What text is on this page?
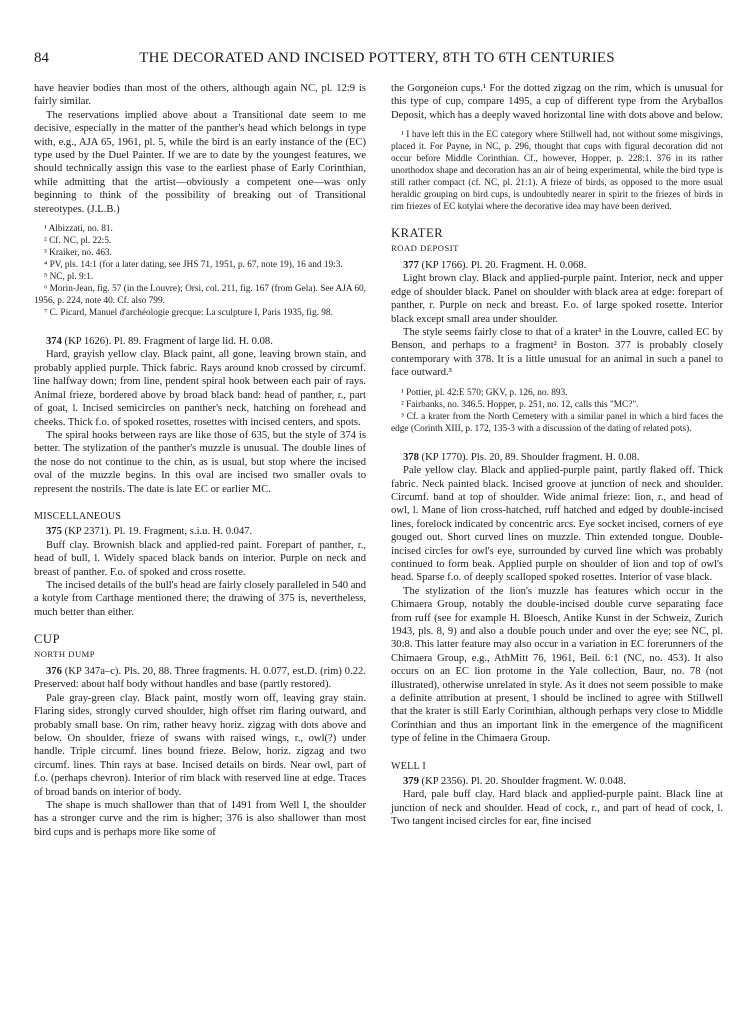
84	THE DECORATED AND INCISED POTTERY, 8TH TO 6TH CENTURIES

have heavier bodies than most of the others, although again NC, pl. 12:9 is fairly similar.

The reservations implied above about a Transitional date seem to me decisive, especially in the matter of the panther's head which belongs in type with, e.g., AJA 65, 1961, pl. 5, while the bird is an early instance of the (EC) type used by the Duel Painter. If we are to date by the youngest features, we should technically assign this vase to the earliest phase of Early Corinthian, while admitting that the artist—obviously a competent one—was only beginning to think of the possibility of breaking out of Transitional stereotypes. (J.L.B.)

¹ Albizzati, no. 81.

² Cf. NC, pl. 22:5.

³ Kraiker, no. 463.

⁴ PV, pls. 14:1 (for a later dating, see JHS 71, 1951, p. 67, note 19), 16 and 19:3.

⁵ NC, pl. 9:1.

⁶ Morin-Jean, fig. 57 (in the Louvre); Orsi, col. 211, fig. 167 (from Gela). See AJA 60, 1956, p. 224, note 40. Cf. also 799.

⁷ C. Picard, Manuel d'archéologie grecque: La sculpture I, Paris 1935, fig. 98.

374 (KP 1626). Pl. 89. Fragment of large lid. H. 0.08.

Hard, grayish yellow clay. Black paint, all gone, leaving brown stain, and probably applied purple. Thick fabric. Rays around knob crossed by circumf. line halfway down; from line, pendent spiral hook between each pair of rays. Animal frieze, bordered above by broad black band: head of panther, r., part of goat, l. Incised semicircles on panther's neck, hatching on forehead and cheeks. Thick f.o. of spoked rosettes, rosettes with incised centers, and spots.

The spiral hooks between rays are like those of 635, but the style of 374 is better. The stylization of the panther's muzzle is unusual. The double lines of the nose do not continue to the chin, as is usual, but stop where the incised oval of the muzzle begins. In this oval are incised two smaller ovals to represent the nostrils. The date is late EC or earlier MC.

MISCELLANEOUS

375 (KP 2371). Pl. 19. Fragment, s.i.u. H. 0.047.

Buff clay. Brownish black and applied-red paint. Forepart of panther, r., head of bull, l. Widely spaced black bands on interior. Purple on neck and breast of panther. F.o. of spoked and cross rosette.

The incised details of the bull's head are fairly closely paralleled in 540 and a kotyle from Carthage mentioned there; the drawing of 375 is, nevertheless, much better than either.

CUP
NORTH DUMP

376 (KP 347a–c). Pls. 20, 88. Three fragments. H. 0.077, est.D. (rim) 0.22. Preserved: about half body without handles and base (partly restored).

Pale gray-green clay. Black paint, mostly worn off, leaving gray stain. Flaring sides, strongly curved shoulder, high offset rim flaring outward, and probably small base. On rim, rather heavy horiz. zigzag with dots above and below. On shoulder, frieze of swans with raised wings, r., owl(?) under handle. Triple circumf. lines bound frieze. Below, horiz. zigzag and two circumf. lines. Thin rays at base. Incised details on birds. Near owl, part of f.o. (perhaps chevron). Interior of rim black with reserved line at edge. Traces of broad bands on interior of body.

The shape is much shallower than that of 1491 from Well I, the shoulder has a stronger curve and the rim is higher; 376 is also shallower than most bird cups and is perhaps more like some of

the Gorgoneion cups.¹ For the dotted zigzag on the rim, which is unusual for this type of cup, compare 1495, a cup of different type from the Aryballos Deposit, which has a deeply waved horizontal line with dots above and below.

¹ I have left this in the EC category where Stillwell had, not without some misgivings, placed it. For Payne, in NC, p. 296, thought that cups with figural decoration did not occur before Middle Corinthian. Cf., however, Hopper, p. 228:1. 376 in its rather unorthodox shape and decoration has an air of being experimental, while the bird type is still rather compact (cf. NC, pl. 21:1). A frieze of birds, as opposed to the more usual heraldic grouping on bird cups, is undoubtedly nearer in spirit to the friezes of birds in rim friezes of EC kotylai where the decorative idea may have been derived.

KRATER
ROAD DEPOSIT

377 (KP 1766). Pl. 20. Fragment. H. 0.068.

Light brown clay. Black and applied-purple paint. Interior, neck and upper edge of shoulder black. Panel on shoulder with black area at edge: forepart of panther, r. Purple on neck and breast. F.o. of large spoked rosette. Interior black except small area under shoulder.

The style seems fairly close to that of a krater¹ in the Louvre, called EC by Benson, and perhaps to a fragment² in Boston. 377 is probably closely contemporary with 378. It is a little unusual for an animal in such a panel to face outward.³

¹ Pottier, pl. 42:E 570; GKV, p. 126, no. 893.

² Fairbanks, no. 346.5. Hopper, p. 251, no. 12, calls this "MC?".

³ Cf. a krater from the North Cemetery with a similar panel in which a bird faces the edge (Corinth XIII, p. 172, 135-3 with a discussion of the dating of related pots).

378 (KP 1770). Pls. 20, 89. Shoulder fragment. H. 0.08.

Pale yellow clay. Black and applied-purple paint, partly flaked off. Thick fabric. Neck painted black. Incised groove at junction of neck and shoulder. Circumf. band at top of shoulder. Wide animal frieze: lion, r., and head of owl, l. Mane of lion cross-hatched, ruff hatched and edged by double-incised lines, forelock indicated by concentric arcs. Eye socket incised, corners of eye gouged out. Short curved lines on muzzle. Thin extended tongue. Double-incised circles for owl's eye, surrounded by curved line which was probably continued to form beak. Applied purple on shoulder of lion and top of owl's head. Sparse f.o. of deeply scalloped spoked rosettes. Interior of vase black.

The stylization of the lion's muzzle has features which occur in the Chimaera Group, notably the double-incised double curve separating face from ruff (see for example H. Bloesch, Antike Kunst in der Schweiz, Zurich 1943, pls. 8, 9) and also a double pouch under and over the eye; see NC, pl. 30:8. This latter feature may also occur in a variation in EC forerunners of the Chimaera Group, e.g., AthMitt 76, 1961, Beil. 6:1 (NC, no. 453). It also occurs on an EC lion protome in the Yale collection, Baur, no. 78 (not illustrated), otherwise unrelated in style. As it does not seem possible to make a definite attribution at present, I should be inclined to agree with Stillwell that the krater is still Early Corinthian, although perhaps very close to Middle Corinthian and thus an important link in the emergence of the magnificent type of feline in the Chimaera Group.

WELL I

379 (KP 2356). Pl. 20. Shoulder fragment. W. 0.048.

Hard, pale buff clay. Hard black and applied-purple paint. Black line at junction of neck and shoulder. Head of cock, r., and part of head of cock, l. Two tangent incised circles for ear, fine incised
